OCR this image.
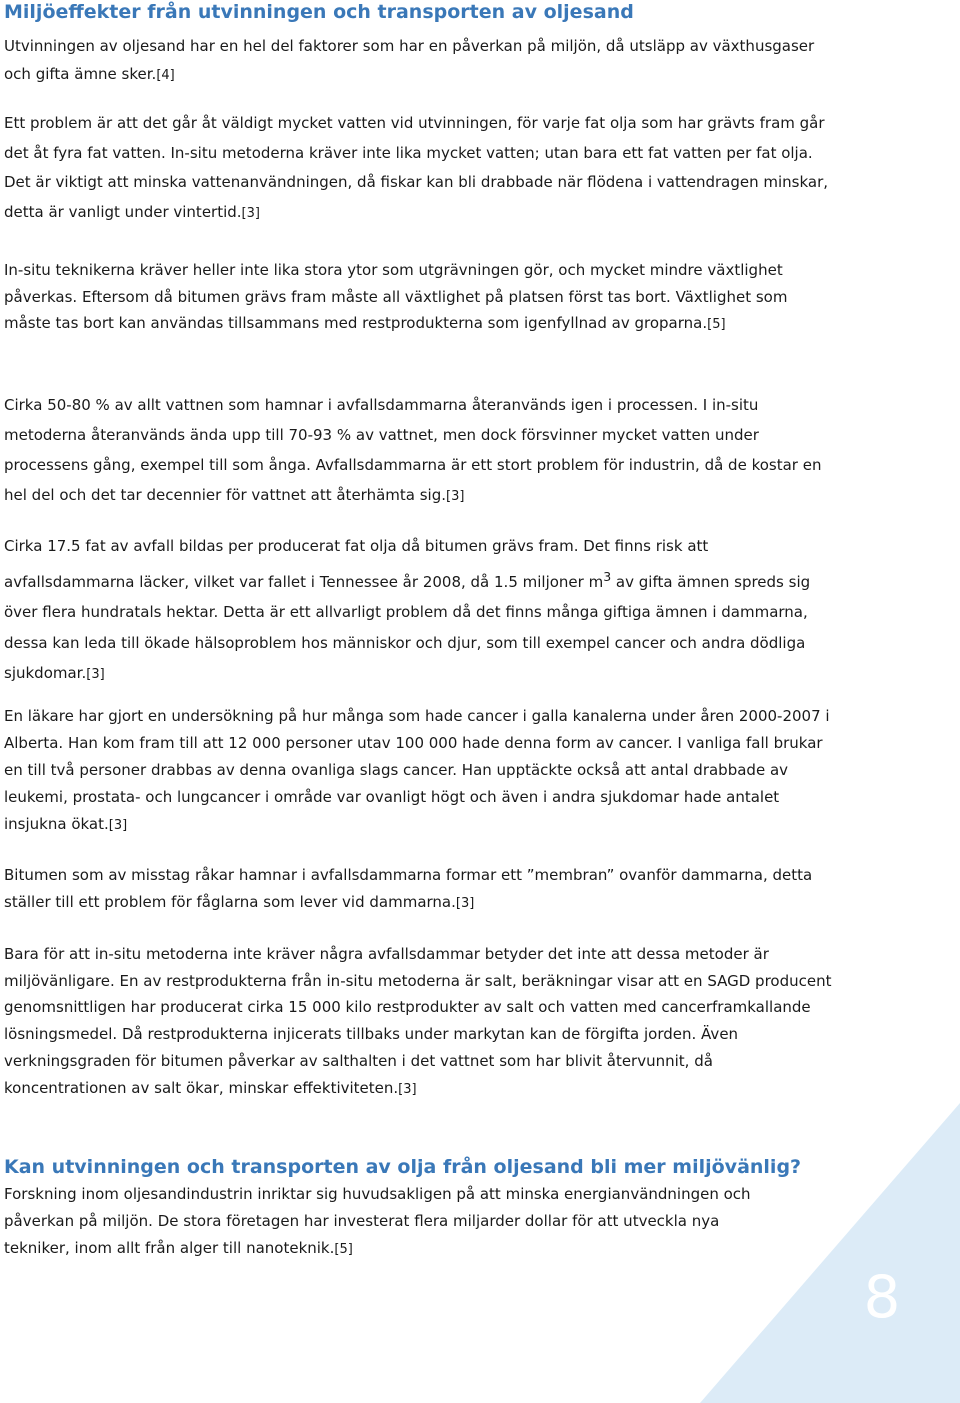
Miljöeffekter från utvinningen och transporten av oljesand

Utvinningen av oljesand har en hel del faktorer som har en påverkan på miljön, då utsläpp av växthusgaser och gifta ämne sker.[4]

Ett problem är att det går åt väldigt mycket vatten vid utvinningen, för varje fat olja som har grävts fram går det åt fyra fat vatten. In-situ metoderna kräver inte lika mycket vatten; utan bara ett fat vatten per fat olja. Det är viktigt att minska vattenanvändningen, då fiskar kan bli drabbade när flödena i vattendragen minskar, detta är vanligt under vintertid.[3]

In-situ teknikerna kräver heller inte lika stora ytor som utgrävningen gör, och mycket mindre växtlighet påverkas. Eftersom då bitumen grävs fram måste all växtlighet på platsen först tas bort. Växtlighet som måste tas bort kan användas tillsammans med restprodukterna som igenfyllnad av groparna.[5]

Cirka 50-80 % av allt vattnen som hamnar i avfallsdammarna återanvänds igen i processen. I in-situ metoderna återanvänds ända upp till 70-93 % av vattnet, men dock försvinner mycket vatten under processens gång, exempel till som ånga. Avfallsdammarna är ett stort problem för industrin, då de kostar en hel del och det tar decennier för vattnet att återhämta sig.[3]

Cirka 17.5 fat av avfall bildas per producerat fat olja då bitumen grävs fram. Det finns risk att avfallsdammarna läcker, vilket var fallet i Tennessee år 2008, då 1.5 miljoner $m^3$ av gifta ämnen spreds sig över flera hundratals hektar. Detta är ett allvarligt problem då det finns många giftiga ämnen i dammarna, dessa kan leda till ökade hälsoproblem hos människor och djur, som till exempel cancer och andra dödliga sjukdomar.[3]

En läkare har gjort en undersökning på hur många som hade cancer i galla kanalerna under åren 2000-2007 i Alberta. Han kom fram till att 12 000 personer utav 100 000 hade denna form av cancer. I vanliga fall brukar en till två personer drabbas av denna ovanliga slags cancer. Han upptäckte också att antal drabbade av leukemi, prostata- och lungcancer i område var ovanligt högt och även i andra sjukdomar hade antalet insjukna ökat.[3]

Bitumen som av misstag råkar hamnar i avfallsdammarna formar ett ”membran” ovanför dammarna, detta ställer till ett problem för fåglarna som lever vid dammarna.[3]

Bara för att in-situ metoderna inte kräver några avfallsdammar betyder det inte att dessa metoder är miljövänligare. En av restprodukterna från in-situ metoderna är salt, beräkningar visar att en SAGD producent genomsnittligen har producerat cirka 15 000 kilo restprodukter av salt och vatten med cancerframkallande lösningsmedel. Då restprodukterna injicerats tillbaks under markytan kan de förgifta jorden. Även verkningsgraden för bitumen påverkar av salthalten i det vattnet som har blivit återvunnit, då koncentrationen av salt ökar, minskar effektiviteten.[3]

Kan utvinningen och transporten av olja från oljesand bli mer miljövänlig?

Forskning inom oljesandindustrin inriktar sig huvudsakligen på att minska energianvändningen och påverkan på miljön. De stora företagen har investerat flera miljarder dollar för att utveckla nya tekniker, inom allt från alger till nanoteknik.[5]

8
